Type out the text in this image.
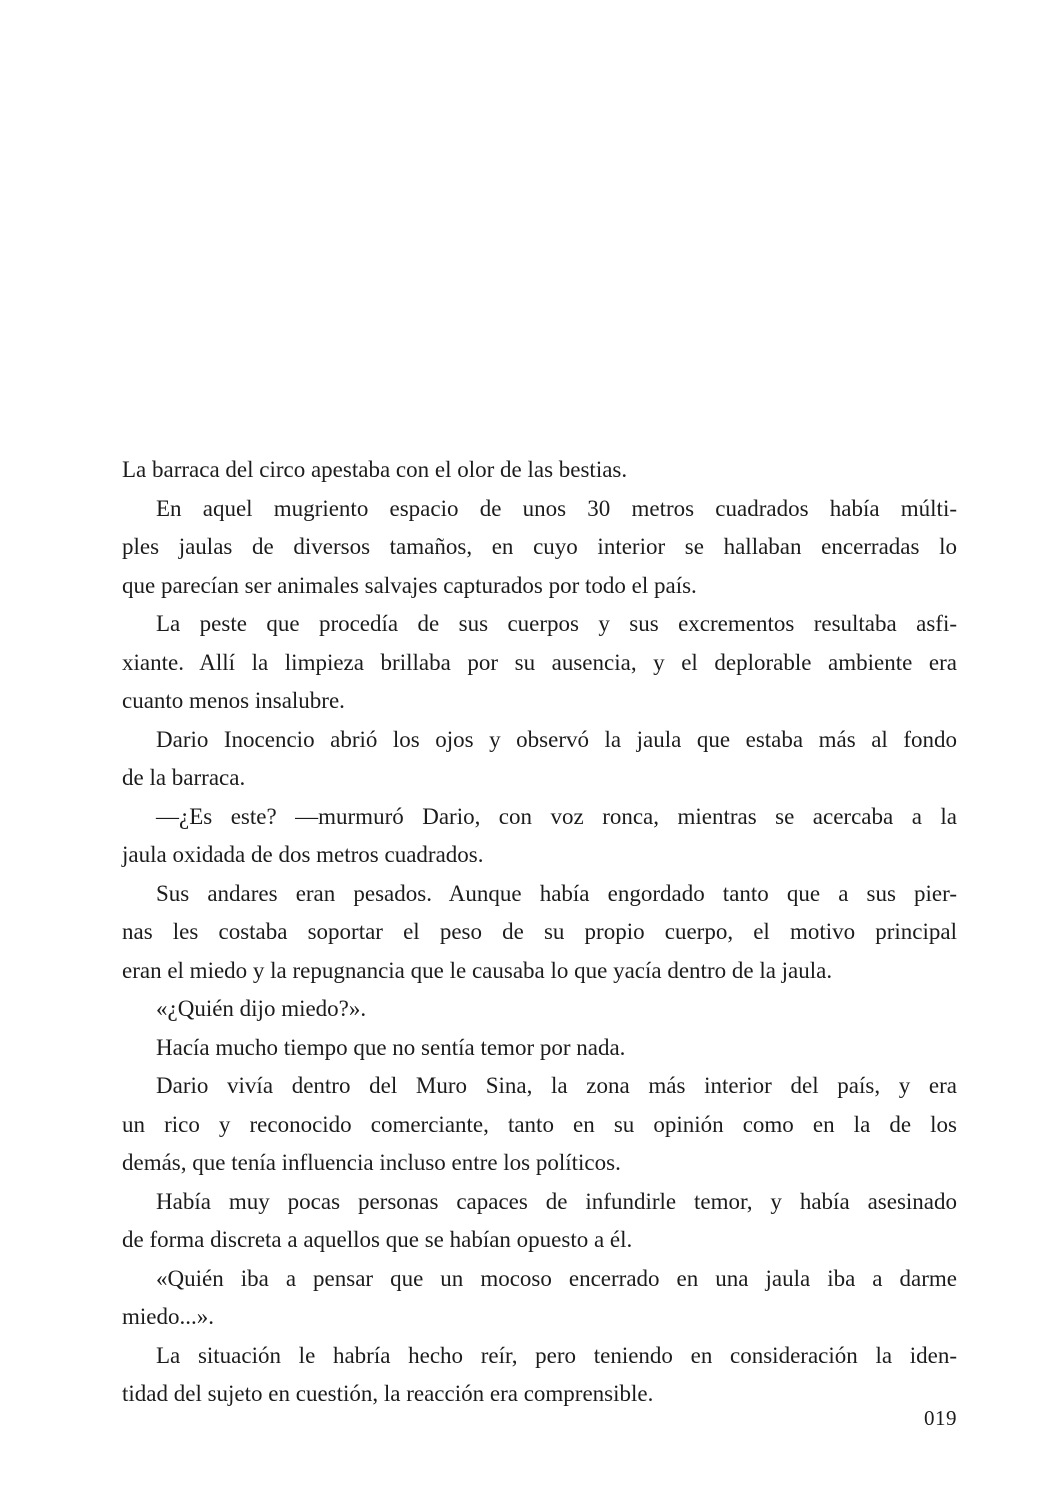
La barraca del circo apestaba con el olor de las bestias.
En aquel mugriento espacio de unos 30 metros cuadrados había múlti-
ples jaulas de diversos tamaños, en cuyo interior se hallaban encerradas lo
que parecían ser animales salvajes capturados por todo el país.
La peste que procedía de sus cuerpos y sus excrementos resultaba asfi-
xiante. Allí la limpieza brillaba por su ausencia, y el deplorable ambiente era
cuanto menos insalubre.
Dario Inocencio abrió los ojos y observó la jaula que estaba más al fondo
de la barraca.
—¿Es este? —murmuró Dario, con voz ronca, mientras se acercaba a la
jaula oxidada de dos metros cuadrados.
Sus andares eran pesados. Aunque había engordado tanto que a sus pier-
nas les costaba soportar el peso de su propio cuerpo, el motivo principal
eran el miedo y la repugnancia que le causaba lo que yacía dentro de la jaula.
«¿Quién dijo miedo?».
Hacía mucho tiempo que no sentía temor por nada.
Dario vivía dentro del Muro Sina, la zona más interior del país, y era
un rico y reconocido comerciante, tanto en su opinión como en la de los
demás, que tenía influencia incluso entre los políticos.
Había muy pocas personas capaces de infundirle temor, y había asesinado
de forma discreta a aquellos que se habían opuesto a él.
«Quién iba a pensar que un mocoso encerrado en una jaula iba a darme
miedo...».
La situación le habría hecho reír, pero teniendo en consideración la iden-
tidad del sujeto en cuestión, la reacción era comprensible.
019
